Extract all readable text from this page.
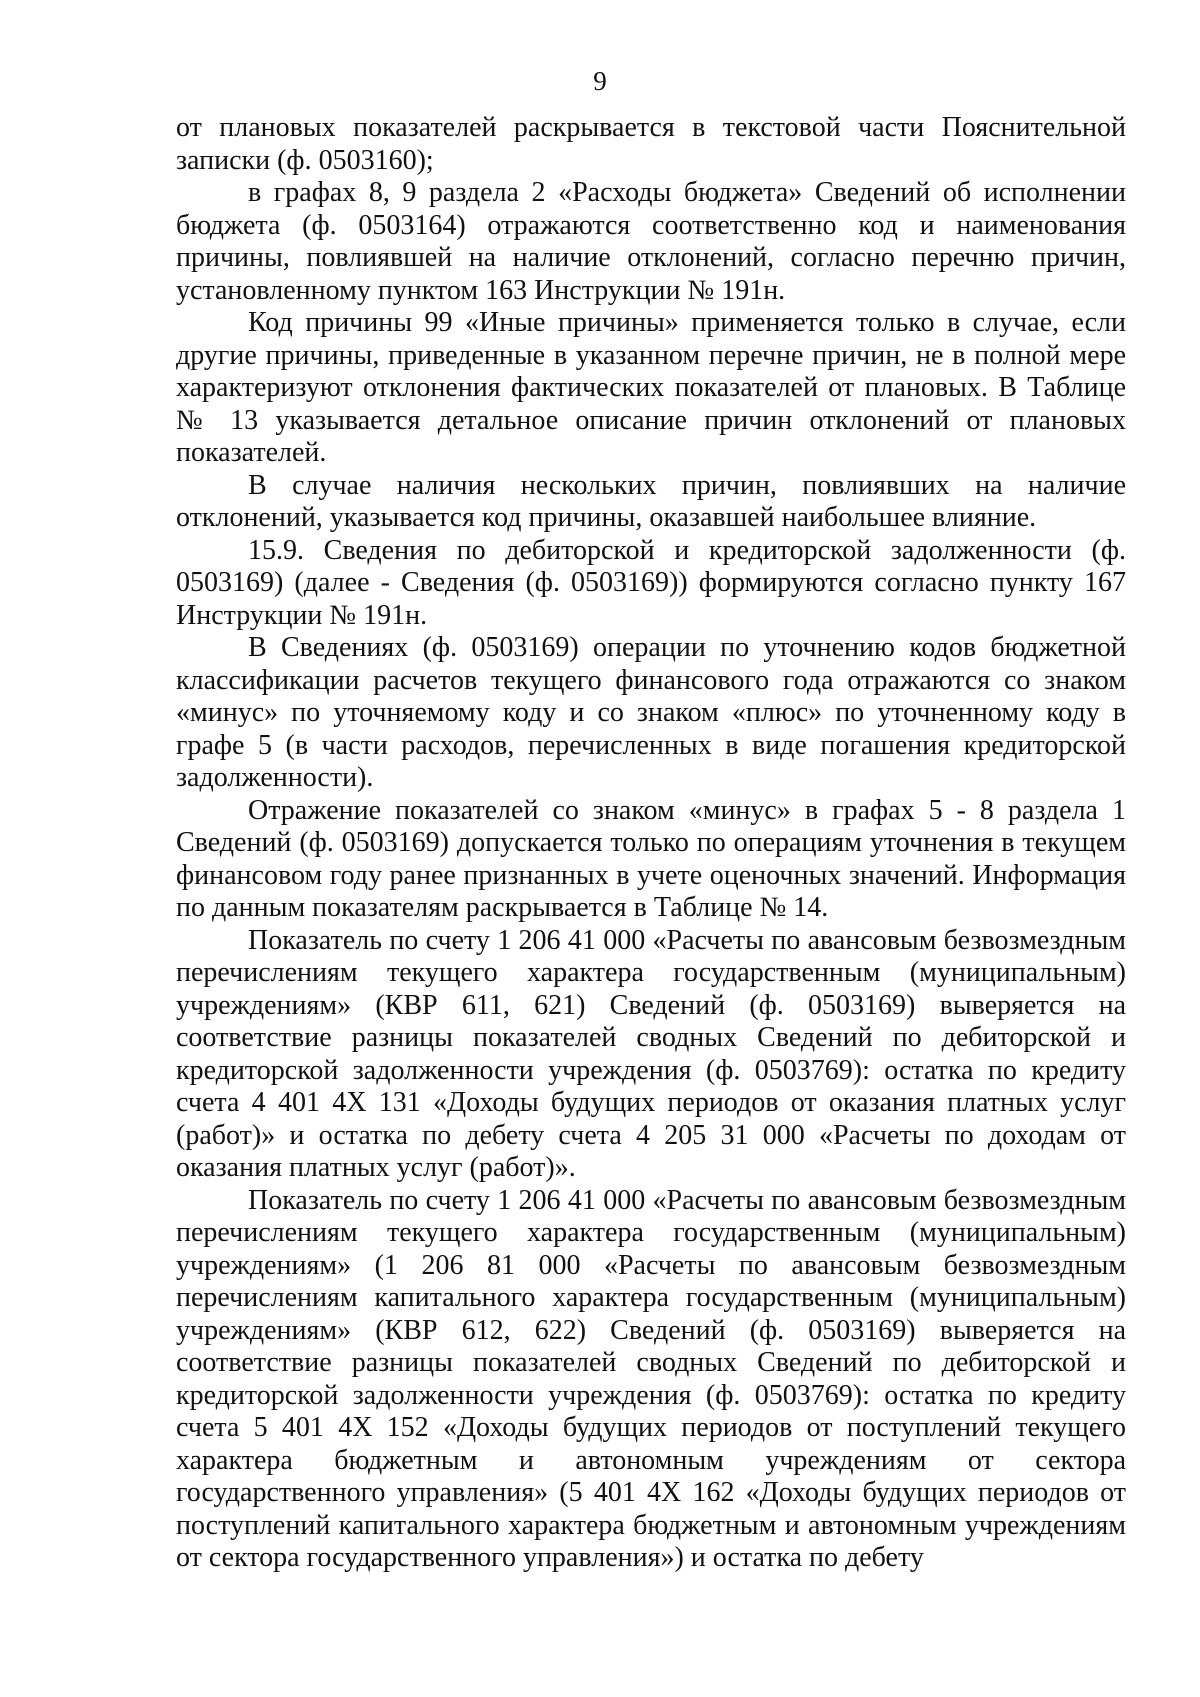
9

от плановых показателей раскрывается в текстовой части Пояснительной записки (ф. 0503160);

в графах 8, 9 раздела 2 «Расходы бюджета» Сведений об исполнении бюджета (ф. 0503164) отражаются соответственно код и наименования причины, повлиявшей на наличие отклонений, согласно перечню причин, установленному пунктом 163 Инструкции № 191н.

Код причины 99 «Иные причины» применяется только в случае, если другие причины, приведенные в указанном перечне причин, не в полной мере характеризуют отклонения фактических показателей от плановых. В Таблице № 13 указывается детальное описание причин отклонений от плановых показателей.

В случае наличия нескольких причин, повлиявших на наличие отклонений, указывается код причины, оказавшей наибольшее влияние.

15.9. Сведения по дебиторской и кредиторской задолженности (ф. 0503169) (далее - Сведения (ф. 0503169)) формируются согласно пункту 167 Инструкции № 191н.

В Сведениях (ф. 0503169) операции по уточнению кодов бюджетной классификации расчетов текущего финансового года отражаются со знаком «минус» по уточняемому коду и со знаком «плюс» по уточненному коду в графе 5 (в части расходов, перечисленных в виде погашения кредиторской задолженности).

Отражение показателей со знаком «минус» в графах 5 - 8 раздела 1 Сведений (ф. 0503169) допускается только по операциям уточнения в текущем финансовом году ранее признанных в учете оценочных значений. Информация по данным показателям раскрывается в Таблице № 14.

Показатель по счету 1 206 41 000 «Расчеты по авансовым безвозмездным перечислениям текущего характера государственным (муниципальным) учреждениям» (КВР 611, 621) Сведений (ф. 0503169) выверяется на соответствие разницы показателей сводных Сведений по дебиторской и кредиторской задолженности учреждения (ф. 0503769): остатка по кредиту счета 4 401 4Х 131 «Доходы будущих периодов от оказания платных услуг (работ)» и остатка по дебету счета 4 205 31 000 «Расчеты по доходам от оказания платных услуг (работ)».

Показатель по счету 1 206 41 000 «Расчеты по авансовым безвозмездным перечислениям текущего характера государственным (муниципальным) учреждениям» (1 206 81 000 «Расчеты по авансовым безвозмездным перечислениям капитального характера государственным (муниципальным) учреждениям» (КВР 612, 622) Сведений (ф. 0503169) выверяется на соответствие разницы показателей сводных Сведений по дебиторской и кредиторской задолженности учреждения (ф. 0503769): остатка по кредиту счета 5 401 4Х 152 «Доходы будущих периодов от поступлений текущего характера бюджетным и автономным учреждениям от сектора государственного управления» (5 401 4Х 162 «Доходы будущих периодов от поступлений капитального характера бюджетным и автономным учреждениям от сектора государственного управления») и остатка по дебету
